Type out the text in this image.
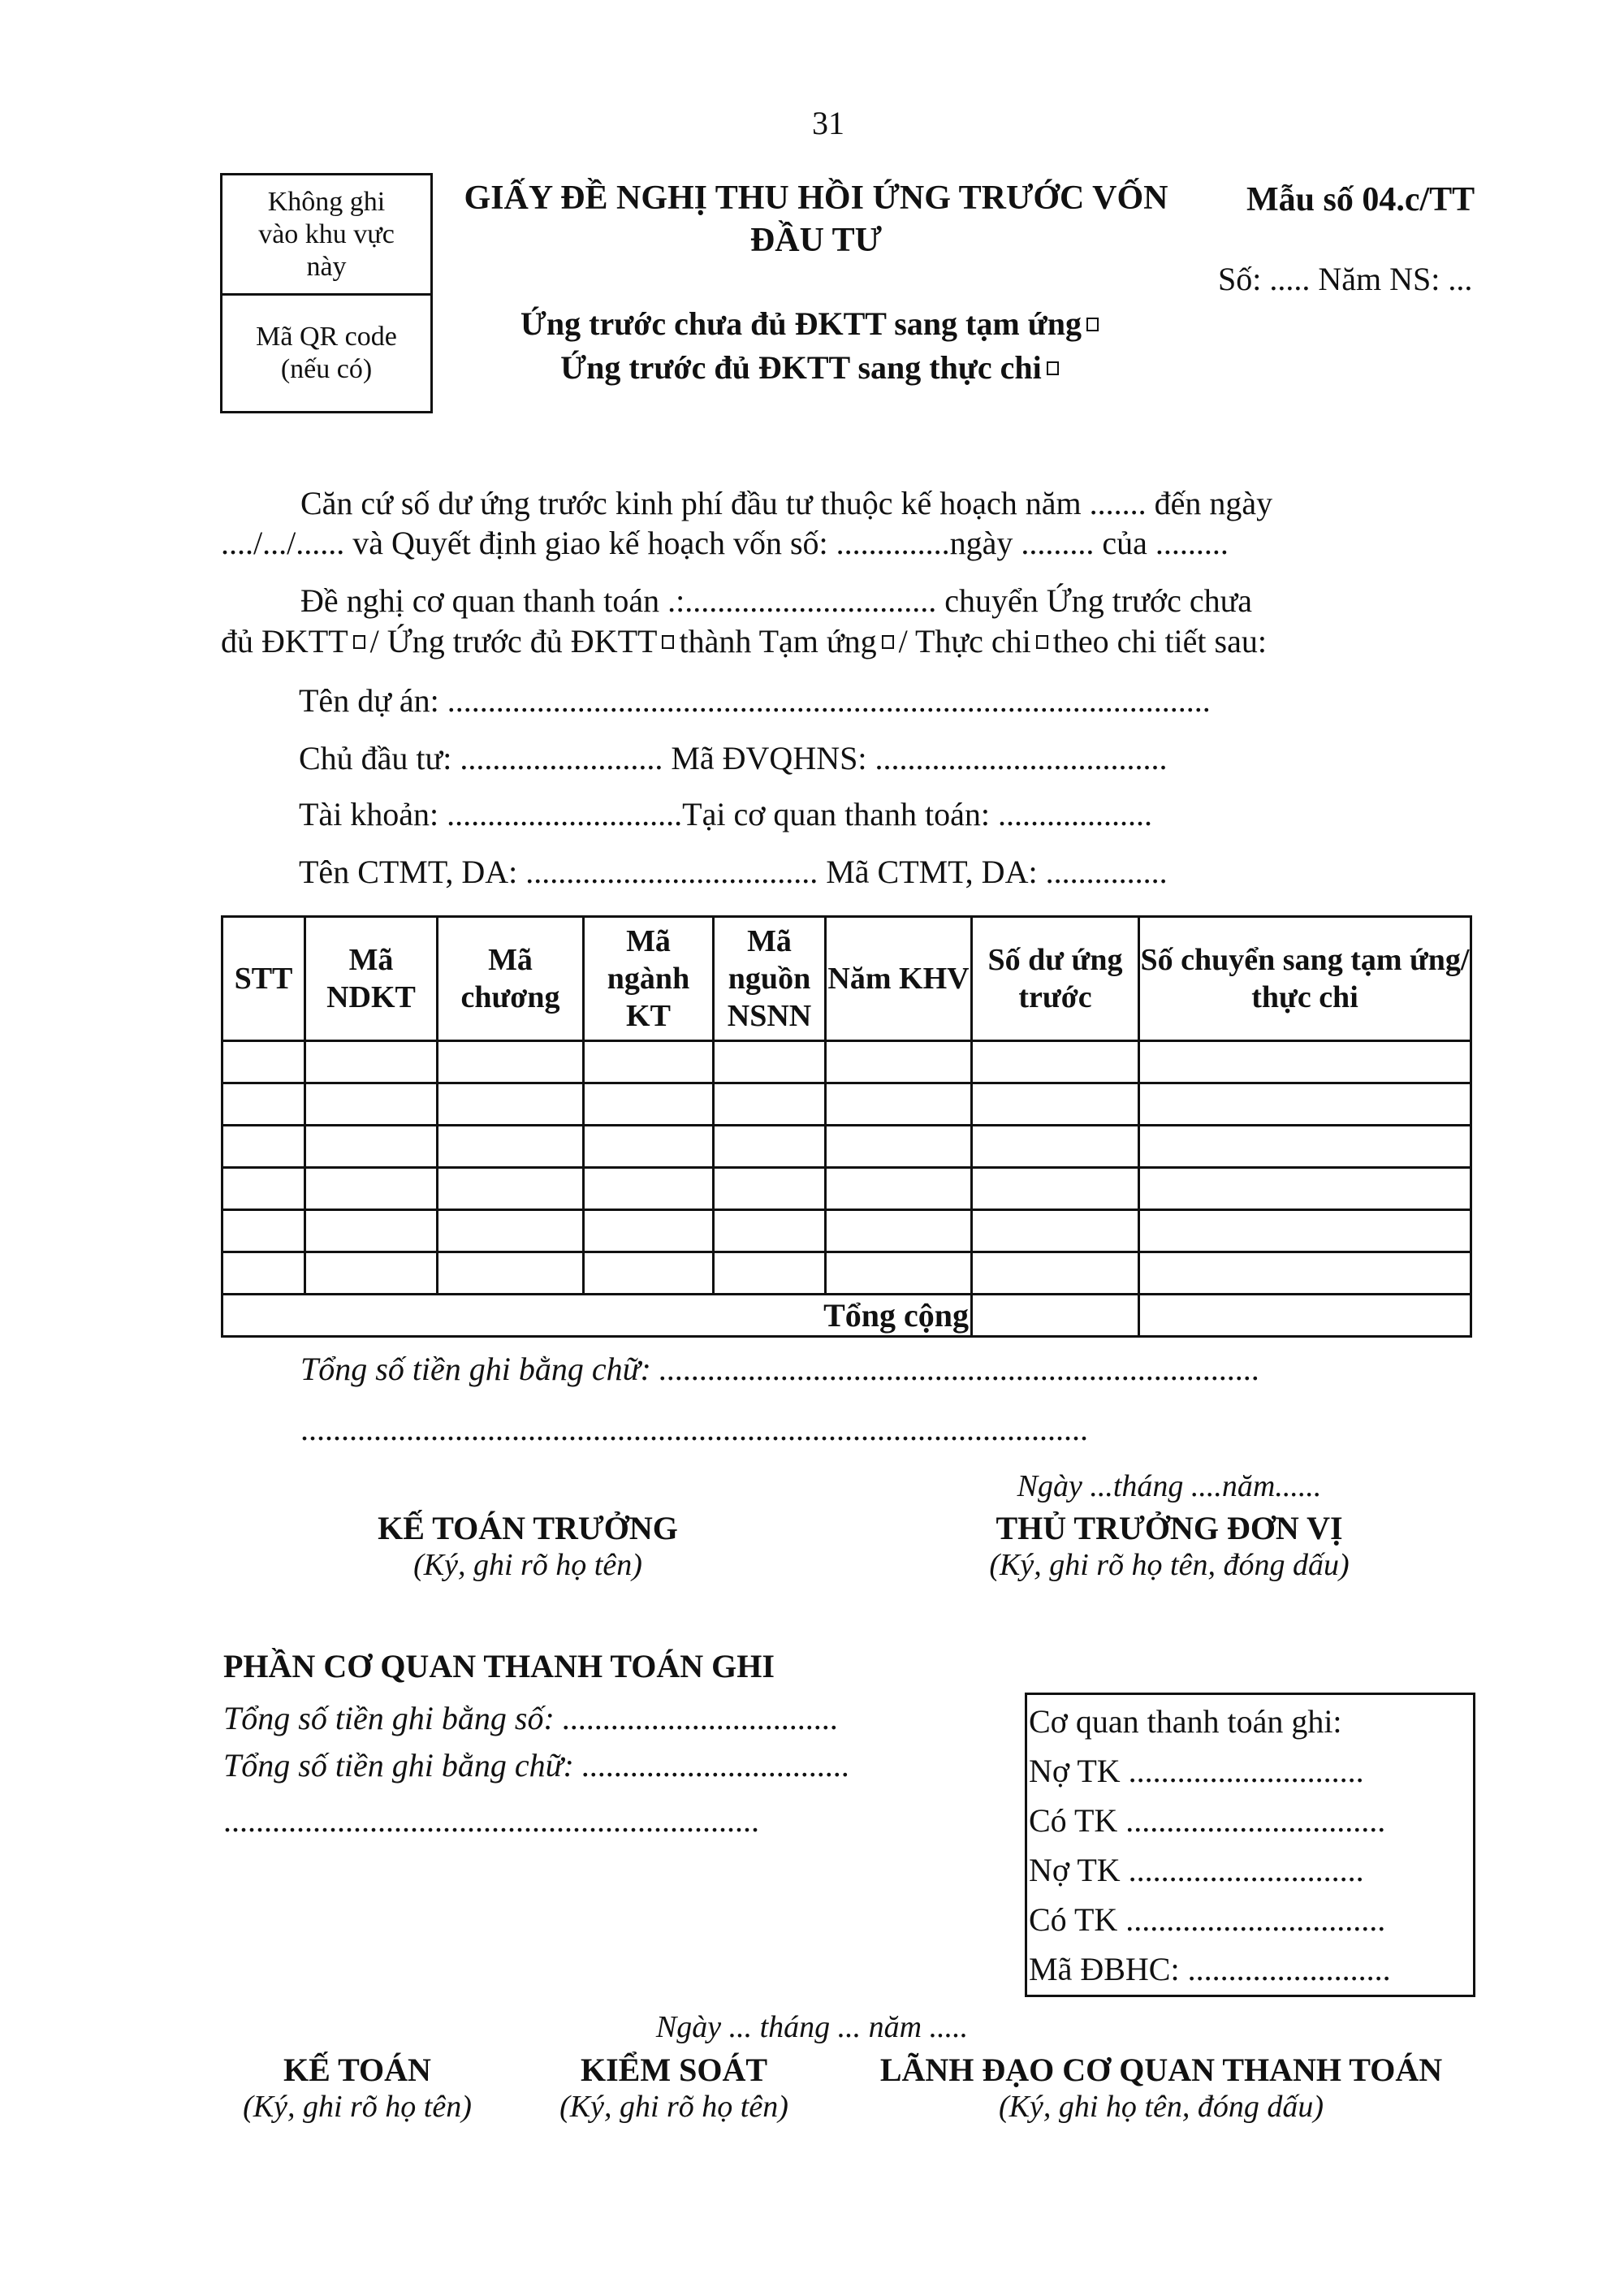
31
Không ghi vào khu vực này
Mã QR code (nếu có)
GIẤY ĐỀ NGHỊ THU HỒI ỨNG TRƯỚC VỐN
ĐẦU TƯ
Mẫu số 04.c/TT
Số: ..... Năm NS: ...
Ứng trước chưa đủ ĐKTT sang tạm ứng
Ứng trước đủ ĐKTT sang thực chi
Căn cứ số dư ứng trước kinh phí đầu tư thuộc kế hoạch năm ....... đến ngày
..../.../...... và Quyết định giao kế hoạch vốn số: ..............ngày ......... của .........
Đề nghị cơ quan thanh toán .:............................... chuyển Ứng trước chưa
đủ ĐKTT / Ứng trước đủ ĐKTT thành Tạm ứng / Thực chi theo chi tiết sau:
Tên dự án: ..............................................................................................
Chủ đầu tư: ......................... Mã ĐVQHNS: ....................................
Tài khoản: .............................Tại cơ quan thanh toán: ...................
Tên CTMT, DA: .................................... Mã CTMT, DA: ...............
STT	Mã NDKT	Mã chương	Mã ngành KT	Mã nguồn NSNN	Năm KHV	Số dư ứng trước	Số chuyển sang tạm ứng/ thực chi

Tổng cộng							
Tổng số tiền ghi bằng chữ: ..........................................................................
.................................................................................................
Ngày ...tháng ....năm......
KẾ TOÁN TRƯỞNG
(Ký, ghi rõ họ tên)
THỦ TRƯỞNG ĐƠN VỊ
(Ký, ghi rõ họ tên, đóng dấu)
PHẦN CƠ QUAN THANH TOÁN GHI
Tổng số tiền ghi bằng số: ..................................
Tổng số tiền ghi bằng chữ: .................................
..................................................................
Cơ quan thanh toán ghi:
Nợ TK .............................
Có TK ................................
Nợ TK .............................
Có TK ................................
Mã ĐBHC: .........................
Ngày ... tháng ... năm .....
KẾ TOÁN
(Ký, ghi rõ họ tên)
KIỂM SOÁT
(Ký, ghi rõ họ tên)
LÃNH ĐẠO CƠ QUAN THANH TOÁN
(Ký, ghi họ tên, đóng dấu)
